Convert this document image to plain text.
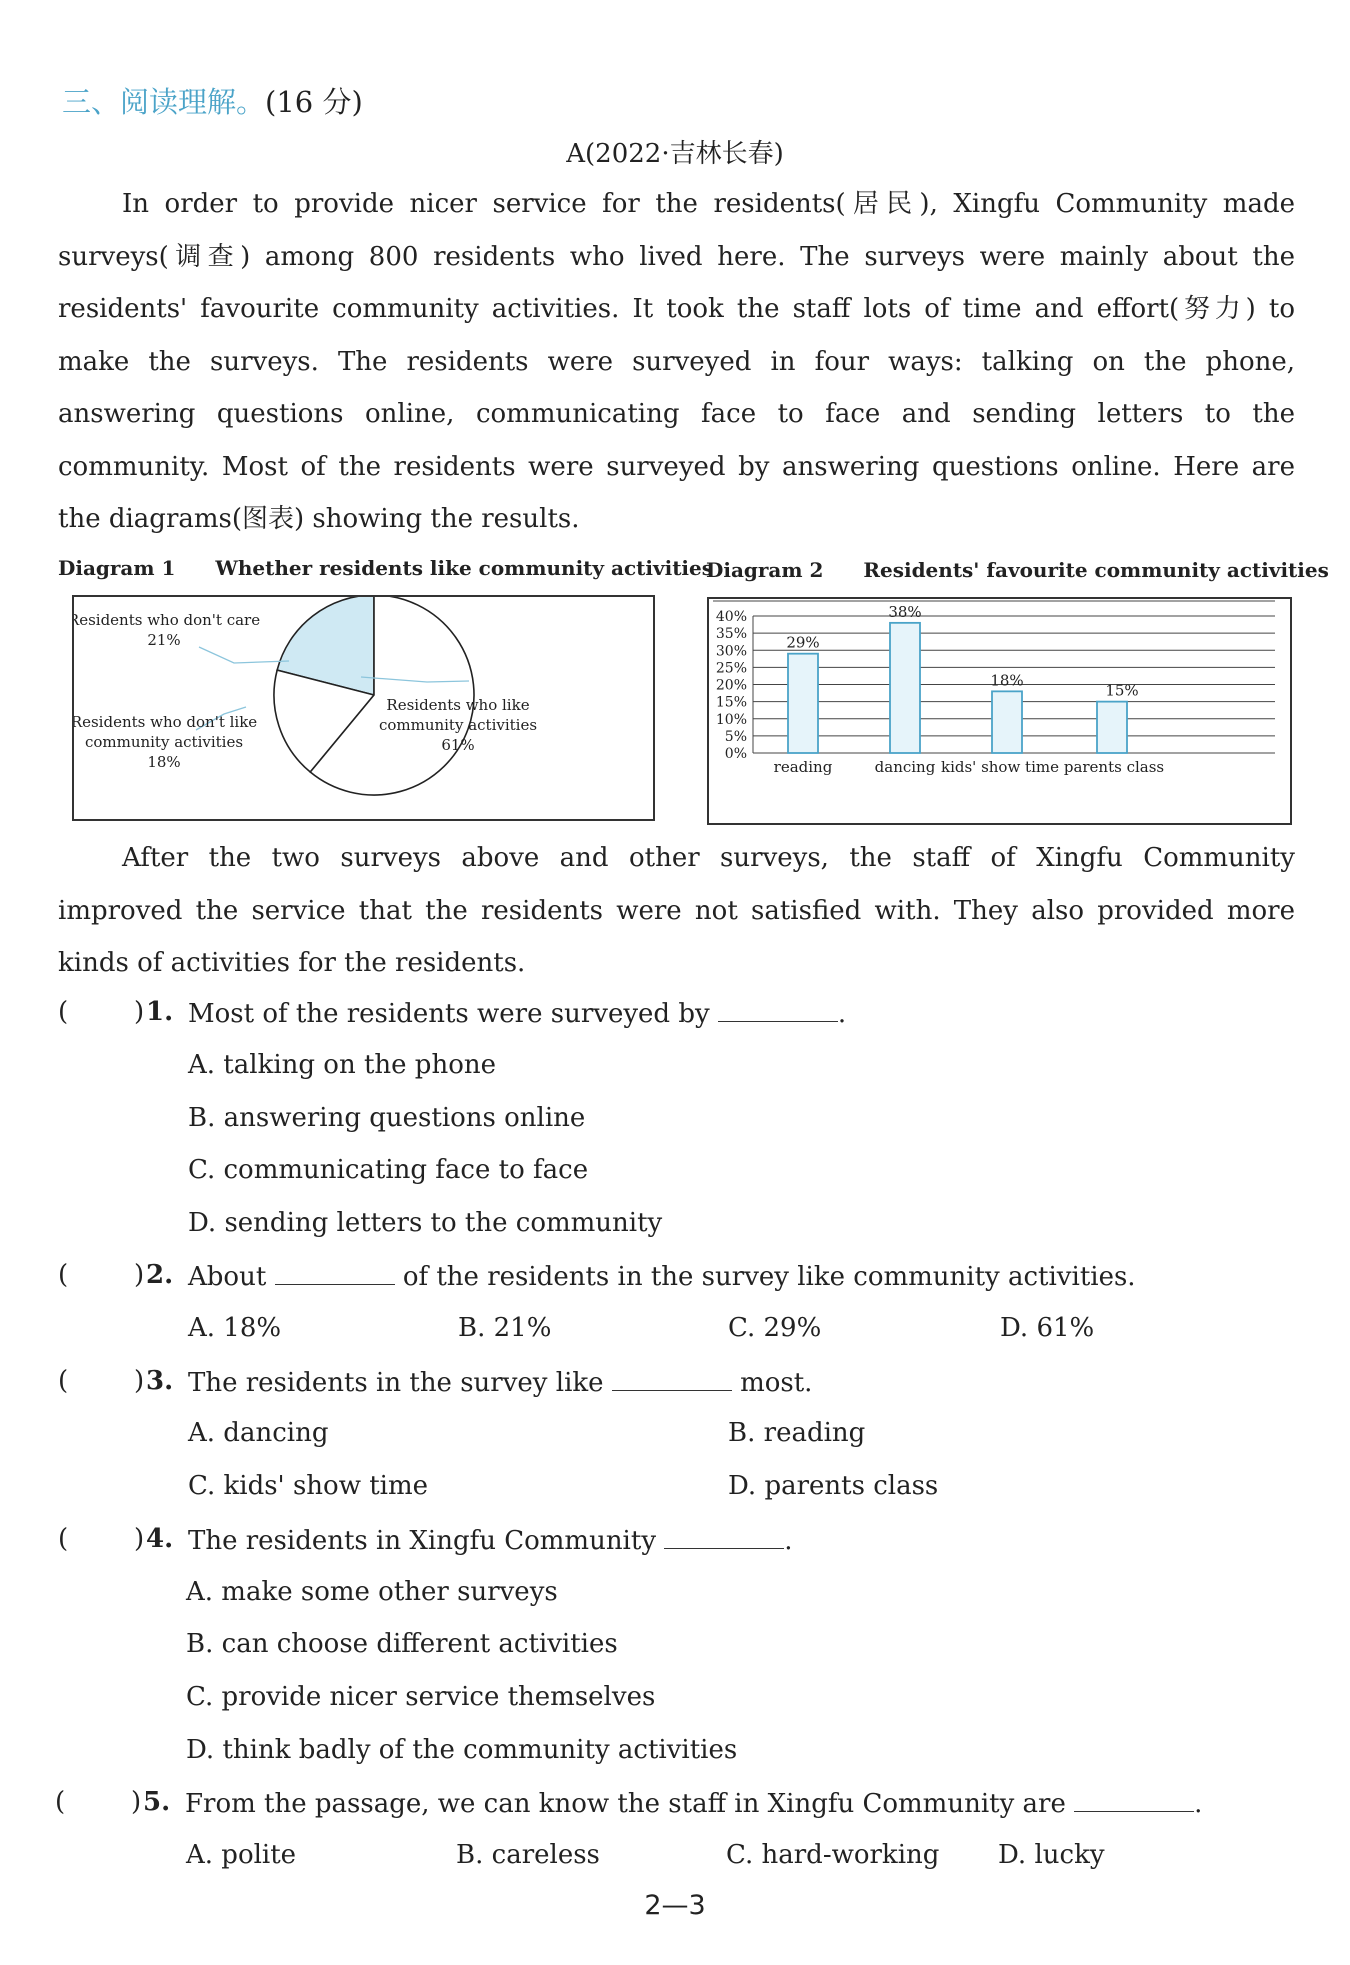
三、阅读理解。(16 分)
A(2022·吉林长春)
In order to provide nicer service for the residents(居民), Xingfu Community made
surveys(调查) among 800 residents who lived here. The surveys were mainly about the
residents' favourite community activities. It took the staff lots of time and effort(努力) to
make the surveys. The residents were surveyed in four ways: talking on the phone,
answering questions online, communicating face to face and sending letters to the
community. Most of the residents were surveyed by answering questions online. Here are
the diagrams(图表) showing the results.
Diagram 1 Whether residents like community activities
Diagram 2 Residents' favourite community activities
Residents who don't care 21%
Residents who don't like community activities 18%
Residents who like community activities 61%	0%
5%
10%
15%
20%
25%
30%
35%
40%
29%
reading
38%
dancing
18%
kids' show time
15%
parents class
After the two surveys above and other surveys, the staff of Xingfu Community
improved the service that the residents were not satisfied with. They also provided more
kinds of activities for the residents.
(	) 1. Most of the residents were surveyed by	.
A. talking on the phone
B. answering questions online
C. communicating face to face
D. sending letters to the community
(	) 2. About	of the residents in the survey like community activities.
A. 18%	B. 21%	C. 29%	D. 61%
(	) 3. The residents in the survey like	most.
A. dancing	B. reading
C. kids' show time	D. parents class
(	) 4. The residents in Xingfu Community	.
A. make some other surveys
B. can choose different activities
C. provide nicer service themselves
D. think badly of the community activities
(	) 5. From the passage, we can know the staff in Xingfu Community are	.
A. polite	B. careless	C. hard-working D. lucky
2—3
